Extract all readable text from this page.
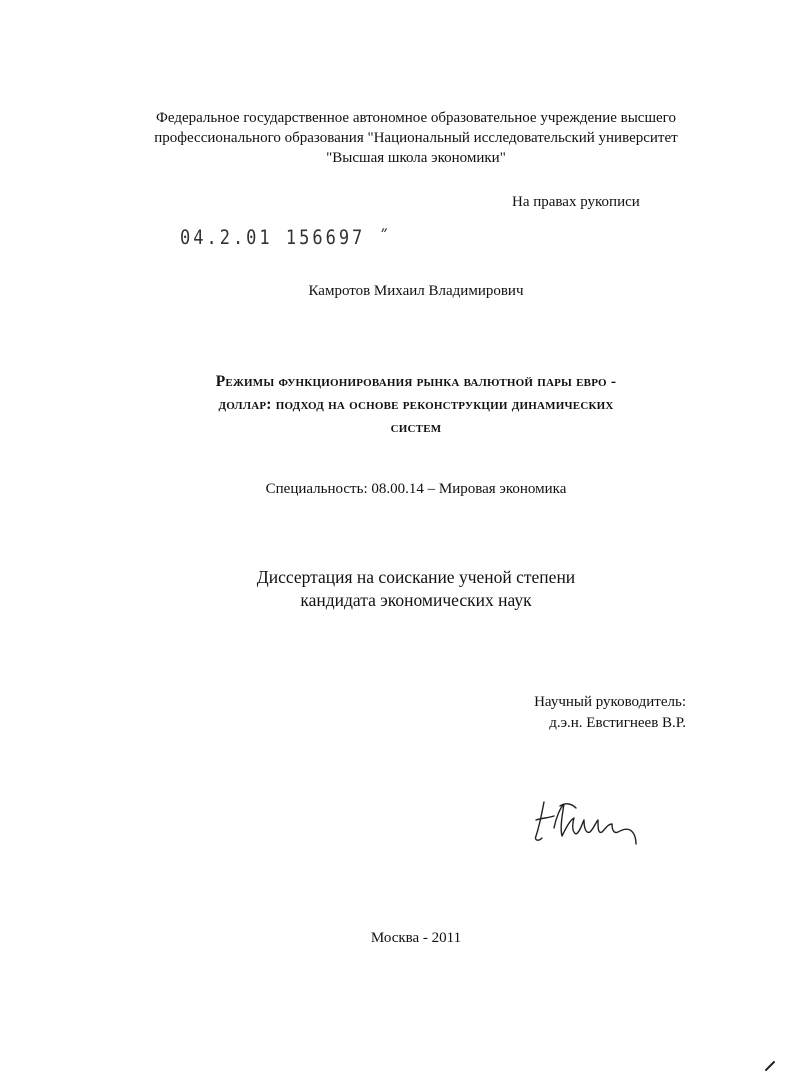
Федеральное государственное автономное образовательное учреждение высшего
профессионального образования "Национальный исследовательский университет
"Высшая школа экономики"
На правах рукописи
04.2.01 156697 ˝
Камротов Михаил Владимирович
Режимы функционирования рынка валютной пары евро -
доллар: подход на основе реконструкции динамических
систем
Специальность: 08.00.14 – Мировая экономика
Диссертация на соискание ученой степени
кандидата экономических наук
Научный руководитель:
д.э.н. Евстигнеев В.Р.
Москва - 2011
